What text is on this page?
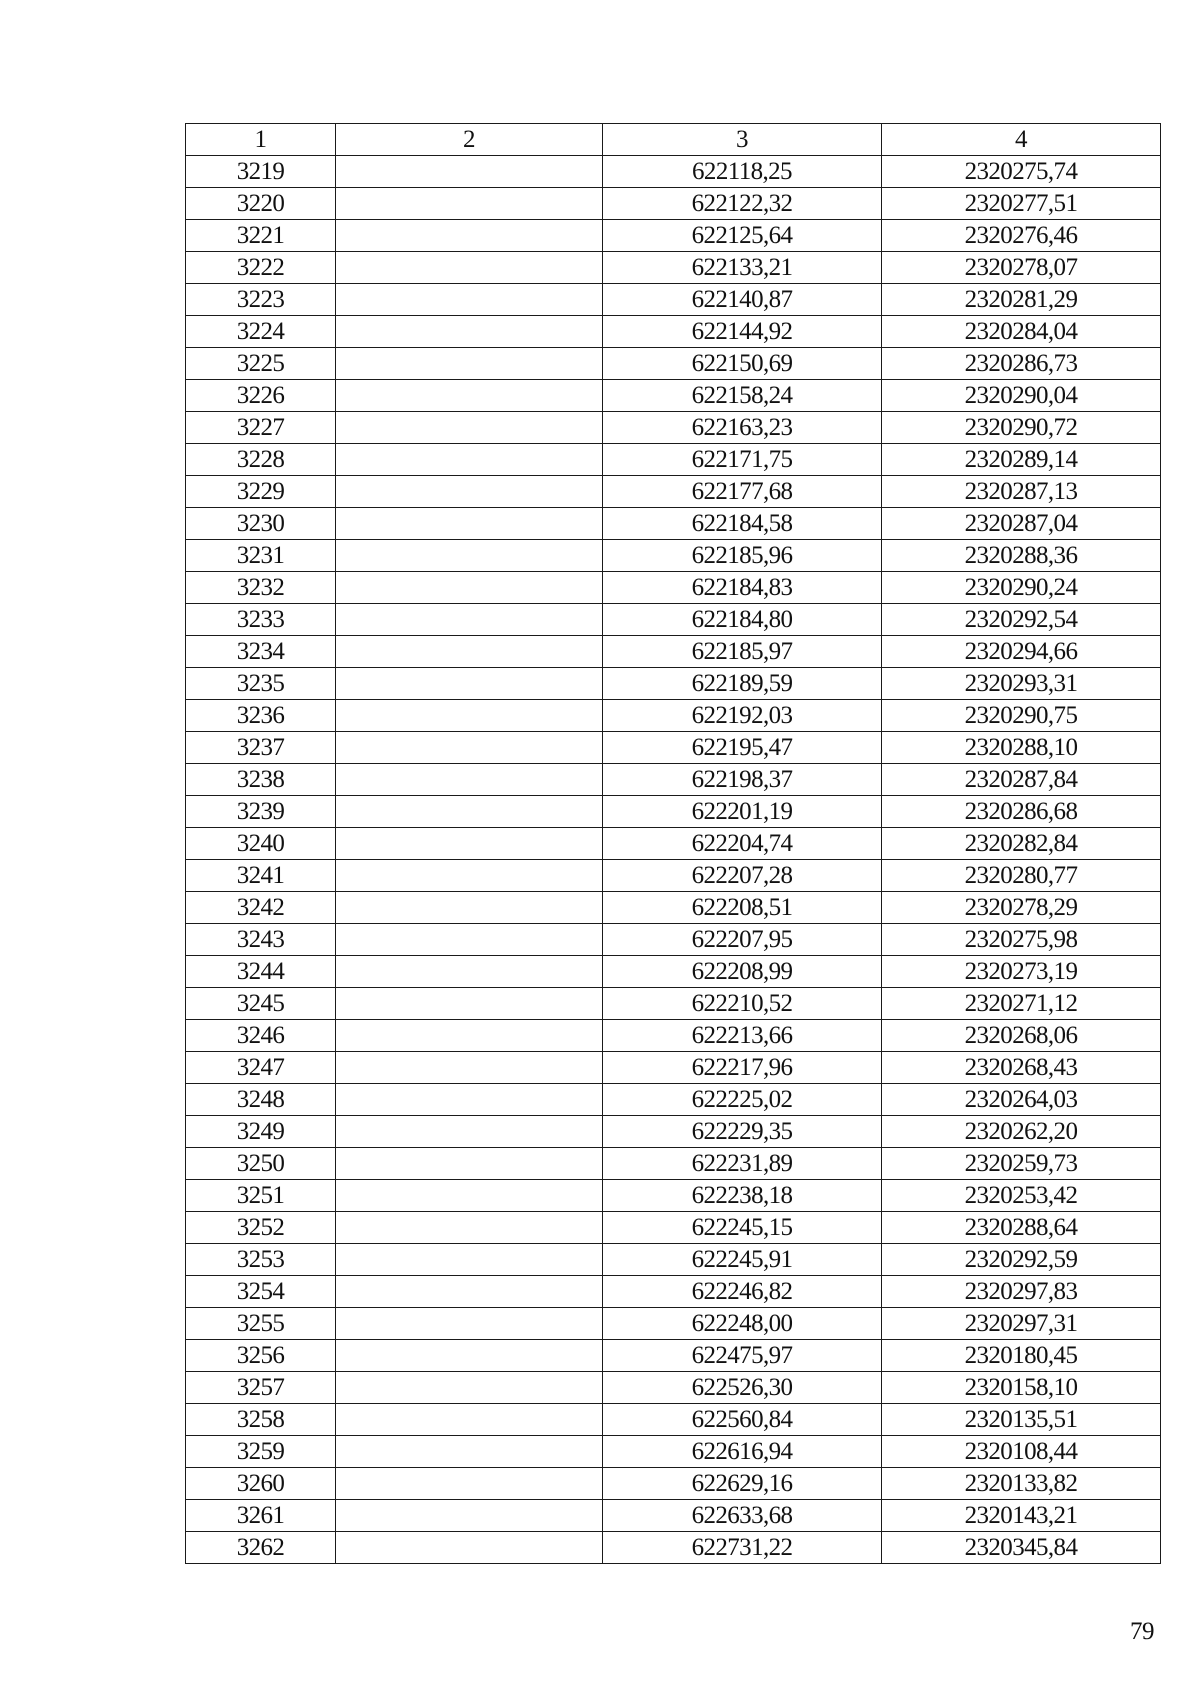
1	2	3	4
3219		622118,25	2320275,74
3220		622122,32	2320277,51
3221		622125,64	2320276,46
3222		622133,21	2320278,07
3223		622140,87	2320281,29
3224		622144,92	2320284,04
3225		622150,69	2320286,73
3226		622158,24	2320290,04
3227		622163,23	2320290,72
3228		622171,75	2320289,14
3229		622177,68	2320287,13
3230		622184,58	2320287,04
3231		622185,96	2320288,36
3232		622184,83	2320290,24
3233		622184,80	2320292,54
3234		622185,97	2320294,66
3235		622189,59	2320293,31
3236		622192,03	2320290,75
3237		622195,47	2320288,10
3238		622198,37	2320287,84
3239		622201,19	2320286,68
3240		622204,74	2320282,84
3241		622207,28	2320280,77
3242		622208,51	2320278,29
3243		622207,95	2320275,98
3244		622208,99	2320273,19
3245		622210,52	2320271,12
3246		622213,66	2320268,06
3247		622217,96	2320268,43
3248		622225,02	2320264,03
3249		622229,35	2320262,20
3250		622231,89	2320259,73
3251		622238,18	2320253,42
3252		622245,15	2320288,64
3253		622245,91	2320292,59
3254		622246,82	2320297,83
3255		622248,00	2320297,31
3256		622475,97	2320180,45
3257		622526,30	2320158,10
3258		622560,84	2320135,51
3259		622616,94	2320108,44
3260		622629,16	2320133,82
3261		622633,68	2320143,21
3262		622731,22	2320345,84
79
